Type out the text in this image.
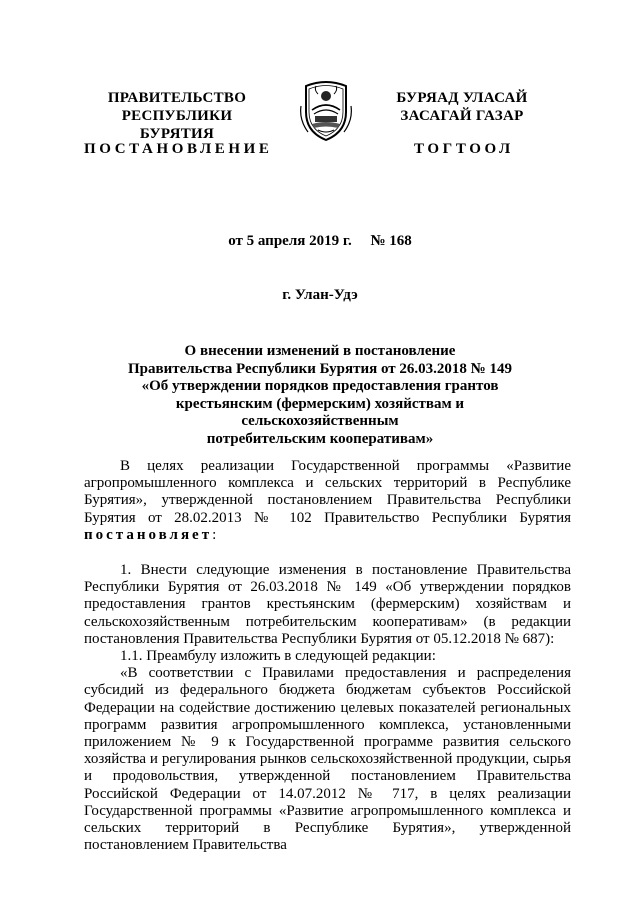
ПРАВИТЕЛЬСТВО
РЕСПУБЛИКИ БУРЯТИЯ
ПОСТАНОВЛЕНИЕ
БУРЯАД УЛАСАЙ
ЗАСАГАЙ ГАЗАР
ТОГТООЛ
от 5 апреля 2019 г.     № 168
г. Улан-Удэ
О внесении изменений в постановление
Правительства Республики Бурятия от 26.03.2018 № 149
«Об утверждении порядков предоставления грантов
крестьянским (фермерским) хозяйствам и сельскохозяйственным
потребительским кооперативам»

В целях реализации Государственной программы «Развитие агропромышленного комплекса и сельских территорий в Республике Бурятия», утвержденной постановлением Правительства Республики Бурятия от 28.02.2013 № 102 Правительство Республики Бурятия постановляет:

1. Внести следующие изменения в постановление Правительства Республики Бурятия от 26.03.2018 № 149 «Об утверждении порядков предоставления грантов крестьянским (фермерским) хозяйствам и сельскохозяйственным потребительским кооперативам» (в редакции постановления Правительства Республики Бурятия от 05.12.2018 № 687):

1.1. Преамбулу изложить в следующей редакции:

«В соответствии с Правилами предоставления и распределения субсидий из федерального бюджета бюджетам субъектов Российской Федерации на содействие достижению целевых показателей региональных программ развития агропромышленного комплекса, установленными приложением № 9 к Государственной программе развития сельского хозяйства и регулирования рынков сельскохозяйственной продукции, сырья и продовольствия, утвержденной постановлением Правительства Российской Федерации от 14.07.2012 № 717, в целях реализации Государственной программы «Развитие агропромышленного комплекса и сельских территорий в Республике Бурятия», утвержденной постановлением Правительства
